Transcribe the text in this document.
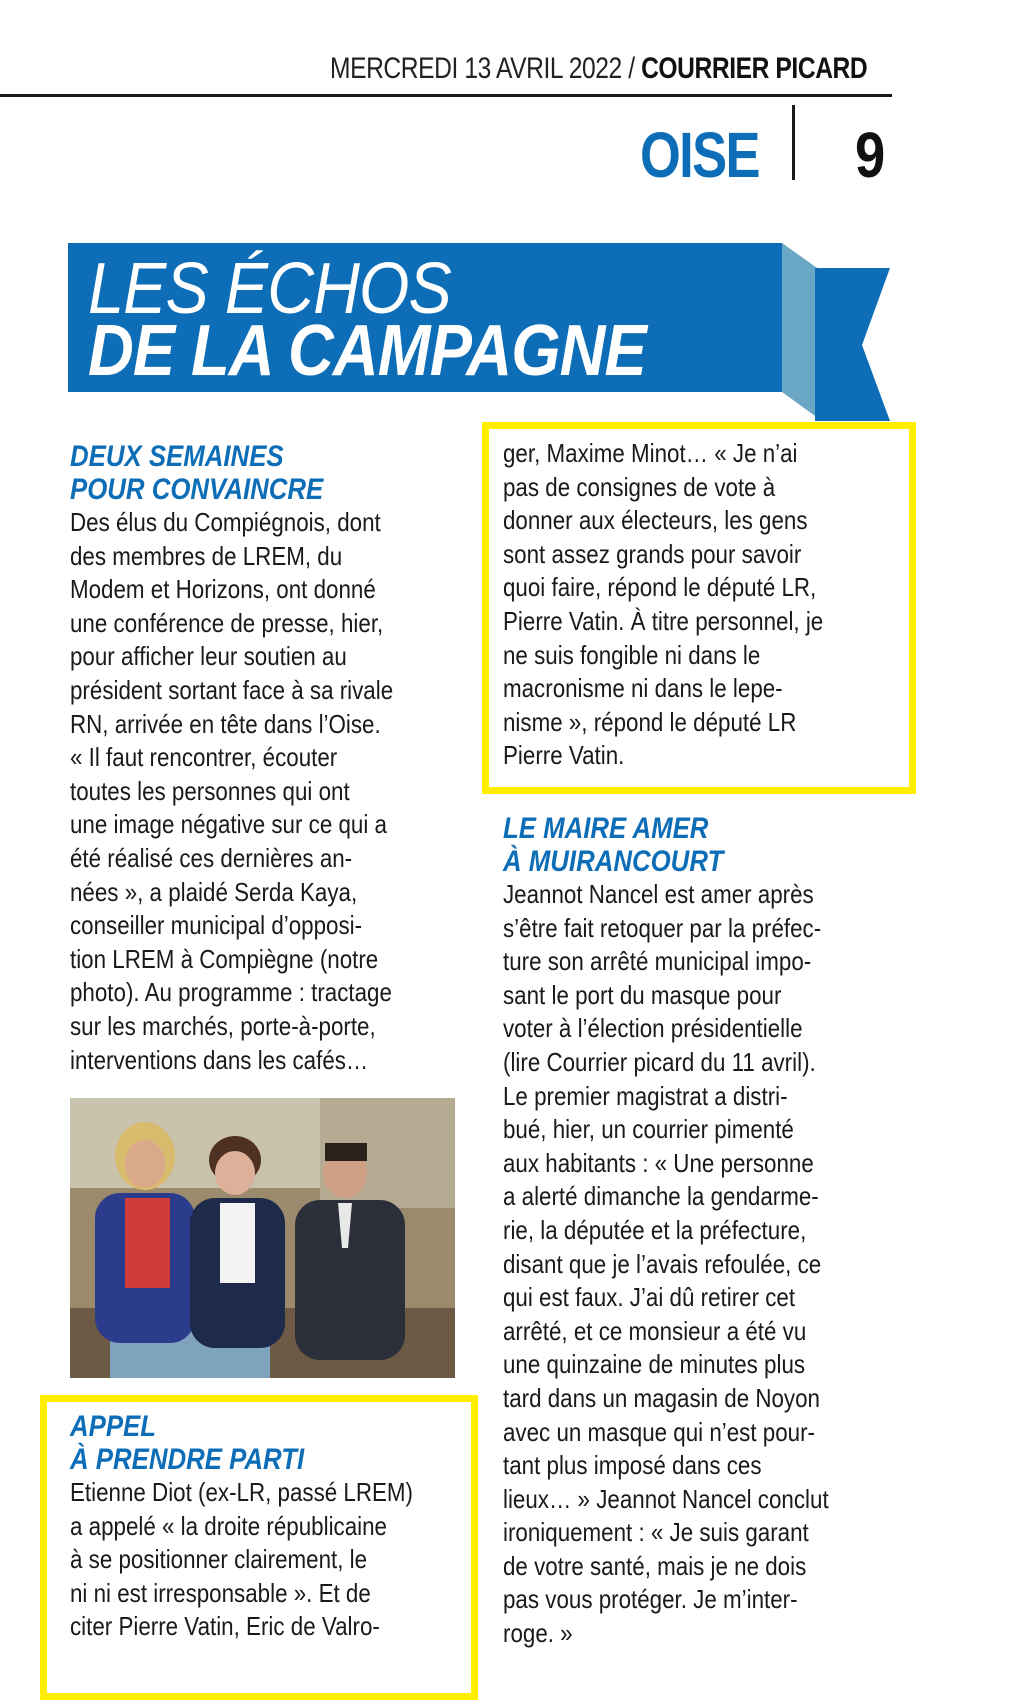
MERCREDI 13 AVRIL 2022 / COURRIER PICARD
OISE 9
LES ÉCHOS
DE LA CAMPAGNE
DEUX SEMAINES
POUR CONVAINCRE
Des élus du Compiégnois, dont
des membres de LREM, du
Modem et Horizons, ont donné
une conférence de presse, hier,
pour afficher leur soutien au
président sortant face à sa rivale
RN, arrivée en tête dans l’Oise.
« Il faut rencontrer, écouter
toutes les personnes qui ont
une image négative sur ce qui a
été réalisé ces dernières an-
nées », a plaidé Serda Kaya,
conseiller municipal d’opposi-
tion LREM à Compiègne (notre
photo). Au programme : tractage
sur les marchés, porte-à-porte,
interventions dans les cafés…
APPEL
À PRENDRE PARTI
Etienne Diot (ex-LR, passé LREM)
a appelé « la droite républicaine
à se positionner clairement, le
ni ni est irresponsable ». Et de
citer Pierre Vatin, Eric de Valro-
ger, Maxime Minot… « Je n’ai
pas de consignes de vote à
donner aux électeurs, les gens
sont assez grands pour savoir
quoi faire, répond le député LR,
Pierre Vatin. À titre personnel, je
ne suis fongible ni dans le
macronisme ni dans le lepe-
nisme », répond le député LR
Pierre Vatin.
LE MAIRE AMER
À MUIRANCOURT
Jeannot Nancel est amer après
s’être fait retoquer par la préfec-
ture son arrêté municipal impo-
sant le port du masque pour
voter à l’élection présidentielle
(lire Courrier picard du 11 avril).
Le premier magistrat a distri-
bué, hier, un courrier pimenté
aux habitants : « Une personne
a alerté dimanche la gendarme-
rie, la députée et la préfecture,
disant que je l’avais refoulée, ce
qui est faux. J’ai dû retirer cet
arrêté, et ce monsieur a été vu
une quinzaine de minutes plus
tard dans un magasin de Noyon
avec un masque qui n’est pour-
tant plus imposé dans ces
lieux… » Jeannot Nancel conclut
ironiquement : « Je suis garant
de votre santé, mais je ne dois
pas vous protéger. Je m’inter-
roge. »
